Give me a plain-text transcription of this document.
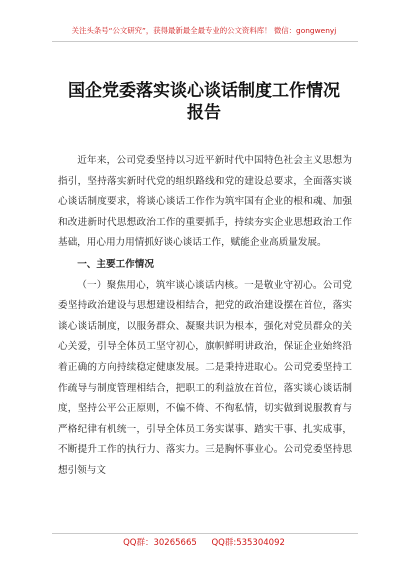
关注头条号“公文研究”，获得最新最全最专业的公文资料库！ 微信：gongwenyj
国企党委落实谈心谈话制度工作情况
报告

近年来，公司党委坚持以习近平新时代中国特色社会主义思想为指引，坚持落实新时代党的组织路线和党的建设总要求，全面落实谈心谈话制度要求，将谈心谈话工作作为筑牢国有企业的根和魂、加强和改进新时代思想政治工作的重要抓手，持续夯实企业思想政治工作基础，用心用力用情抓好谈心谈话工作，赋能企业高质量发展。

一、主要工作情况

（一）聚焦用心，筑牢谈心谈话内核。一是敬业守初心。公司党委坚持政治建设与思想建设相结合，把党的政治建设摆在首位，落实谈心谈话制度，以服务群众、凝聚共识为根本，强化对党员群众的关心关爱，引导全体员工坚守初心，旗帜鲜明讲政治，保证企业始终沿着正确的方向持续稳定健康发展。二是秉持进取心。公司党委坚持工作疏导与制度管理相结合，把职工的利益放在首位，落实谈心谈话制度，坚持公平公正原则，不偏不倚、不徇私情，切实做到说服教育与严格纪律有机统一，引导全体员工务实谋事、踏实干事、扎实成事，不断提升工作的执行力、落实力。三是胸怀事业心。公司党委坚持思想引领与文

QQ群：30265665 QQ群:535304092
